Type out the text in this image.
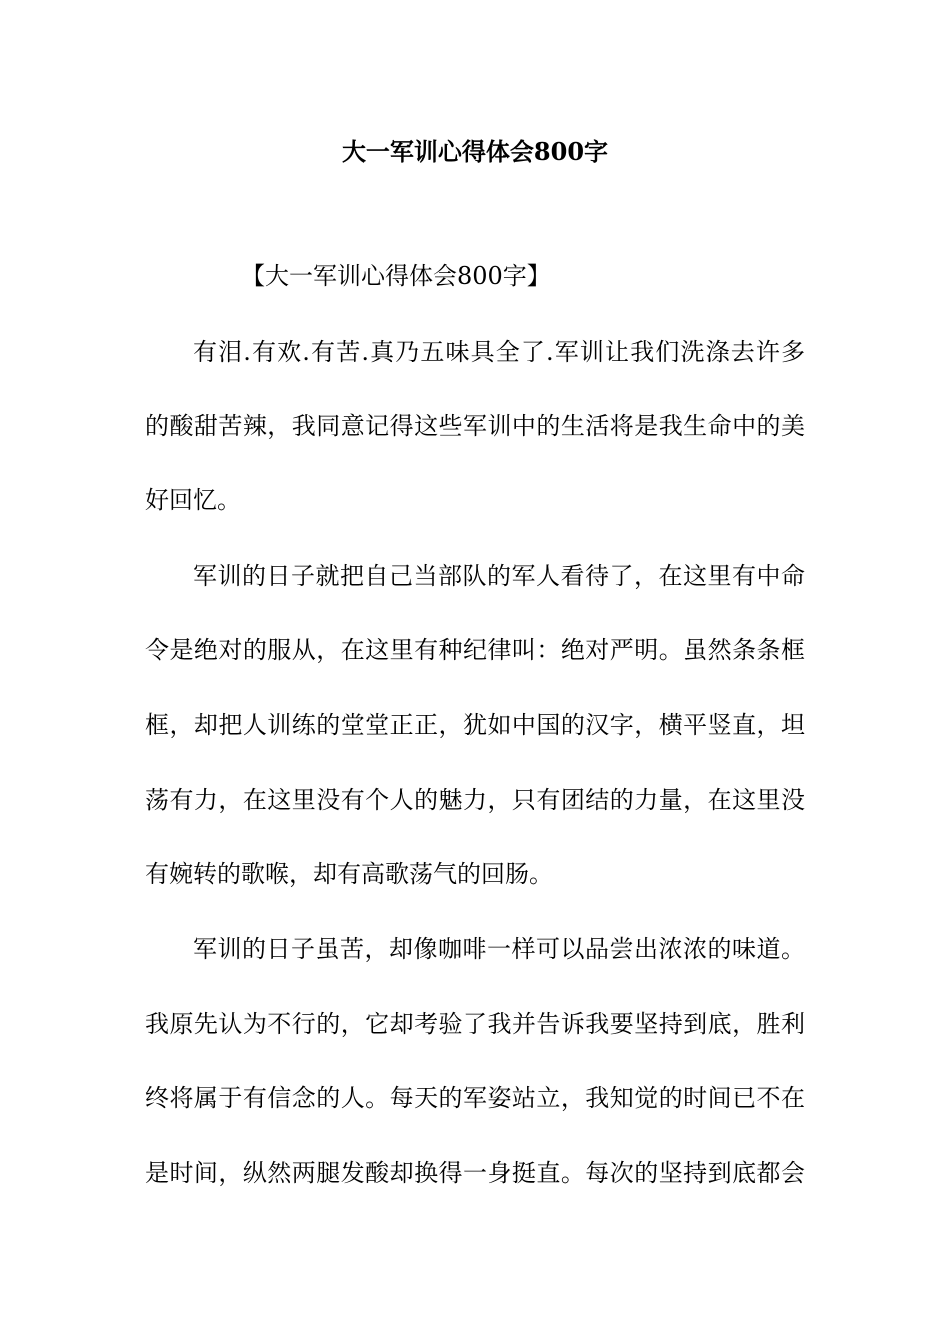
大一军训心得体会800字
【大一军训心得体会800字】
有泪.有欢.有苦.真乃五味具全了.军训让我们洗涤去许多
的酸甜苦辣，我同意记得这些军训中的生活将是我生命中的美
好回忆。
军训的日子就把自己当部队的军人看待了，在这里有中命
令是绝对的服从，在这里有种纪律叫：绝对严明。虽然条条框
框，却把人训练的堂堂正正，犹如中国的汉字，横平竖直，坦
荡有力，在这里没有个人的魅力，只有团结的力量，在这里没
有婉转的歌喉，却有高歌荡气的回肠。
军训的日子虽苦，却像咖啡一样可以品尝出浓浓的味道。
我原先认为不行的，它却考验了我并告诉我要坚持到底，胜利
终将属于有信念的人。每天的军姿站立，我知觉的时间已不在
是时间，纵然两腿发酸却换得一身挺直。每次的坚持到底都会
